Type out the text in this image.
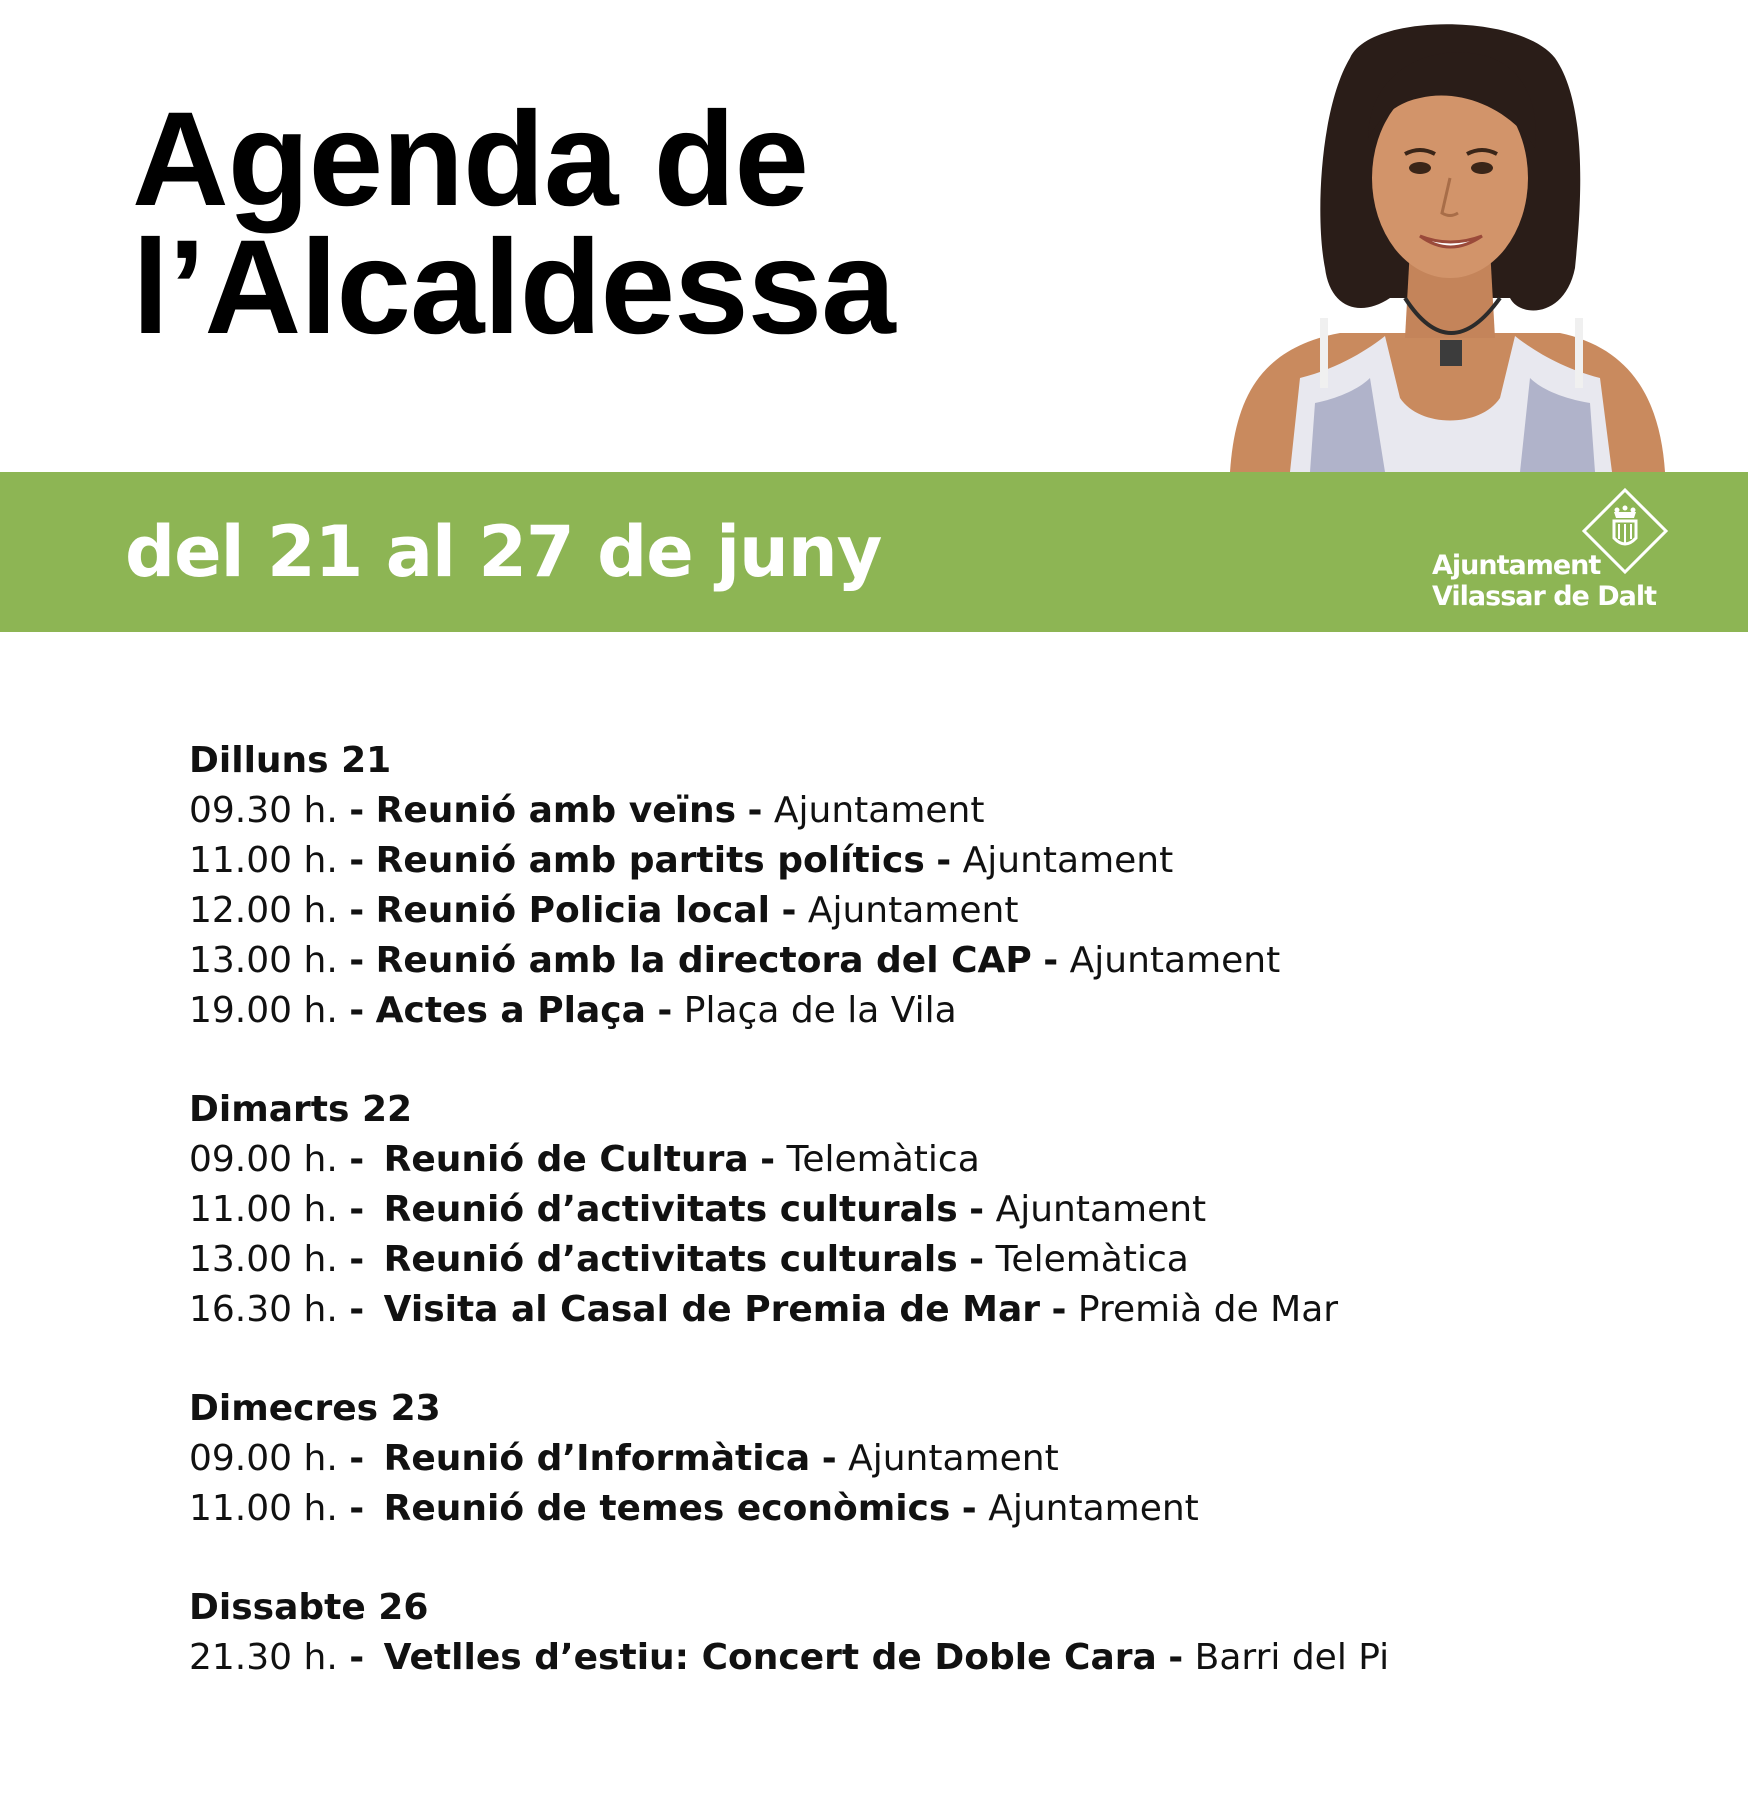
Agenda de
l’Alcaldessa
del 21 al 27 de juny	Ajuntament
Vilassar de Dalt
Dilluns 21
09.30 h. - Reunió amb veïns - Ajuntament
11.00 h. - Reunió amb partits polítics - Ajuntament
12.00 h. - Reunió Policia local - Ajuntament
13.00 h. - Reunió amb la directora del CAP - Ajuntament
19.00 h. - Actes a Plaça - Plaça de la Vila
Dimarts 22
09.00 h. - Reunió de Cultura - Telemàtica
11.00 h. - Reunió d’activitats culturals - Ajuntament
13.00 h. - Reunió d’activitats culturals - Telemàtica
16.30 h. - Visita al Casal de Premia de Mar - Premià de Mar
Dimecres 23
09.00 h. - Reunió d’Informàtica - Ajuntament
11.00 h. - Reunió de temes econòmics - Ajuntament
Dissabte 26
21.30 h. - Vetlles d’estiu: Concert de Doble Cara - Barri del Pi
